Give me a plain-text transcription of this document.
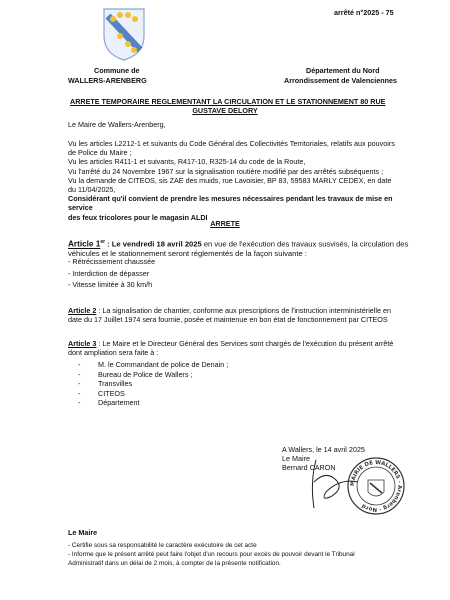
arrêté n°2025 - 75
Commune de
WALLERS-ARENBERG
Département du Nord
Arrondissement de Valenciennes
ARRETE TEMPORAIRE REGLEMENTANT LA CIRCULATION ET LE STATIONNEMENT 80 RUE
GUSTAVE DELORY
Le Maire de Wallers-Arenberg,
Vu les articles L2212-1 et suivants du Code Général des Collectivités Territoriales, relatifs aux pouvoirs
de Police du Maire ;
Vu les articles R411-1 et suivants, R417-10, R325-14 du code de la Route,
Vu l'arrêté du 24 Novembre 1967 sur la signalisation routière modifié par des arrêtés subséquents ;
Vu la demande de CITEOS, sis ZAE des muids, rue Lavoisier, BP 83, 59583 MARLY CEDEX, en date
du 11/04/2025,
Considérant qu'il convient de prendre les mesures nécessaires pendant les travaux de mise en service
des feux tricolores pour le magasin ALDI
ARRETE
Article 1er : Le vendredi 18 avril 2025 en vue de l'exécution des travaux susvisés, la circulation des
véhicules et le stationnement seront réglementés de la façon suivante :
- Rétrécissement chaussée
- Interdiction de dépasser
- Vitesse limitée à 30 km/h
Article 2 : La signalisation de chantier, conforme aux prescriptions de l'instruction interministérielle en
date du 17 Juillet 1974 sera fournie, posée et maintenue en bon état de fonctionnement par CITEOS
Article 3 : Le Maire et le Directeur Général des Services sont chargés de l'exécution du présent arrêté
dont ampliation sera faite à :
- M. le Commandant de police de Denain ;
- Bureau de Police de Wallers ;
- Transvilles
- CITEOS
- Département
A Wallers, le 14 avril 2025
Le Maire
Bernard CARON
MAIRIE DE WALLERS · Arenberg · Nord
Le Maire
- Certifie sous sa responsabilité le caractère exécutoire de cet acte
- Informe que le présent arrêté peut faire l'objet d'un recours pour excès de pouvoir devant le Tribunal
Administratif dans un délai de 2 mois, à compter de la présente notification.
